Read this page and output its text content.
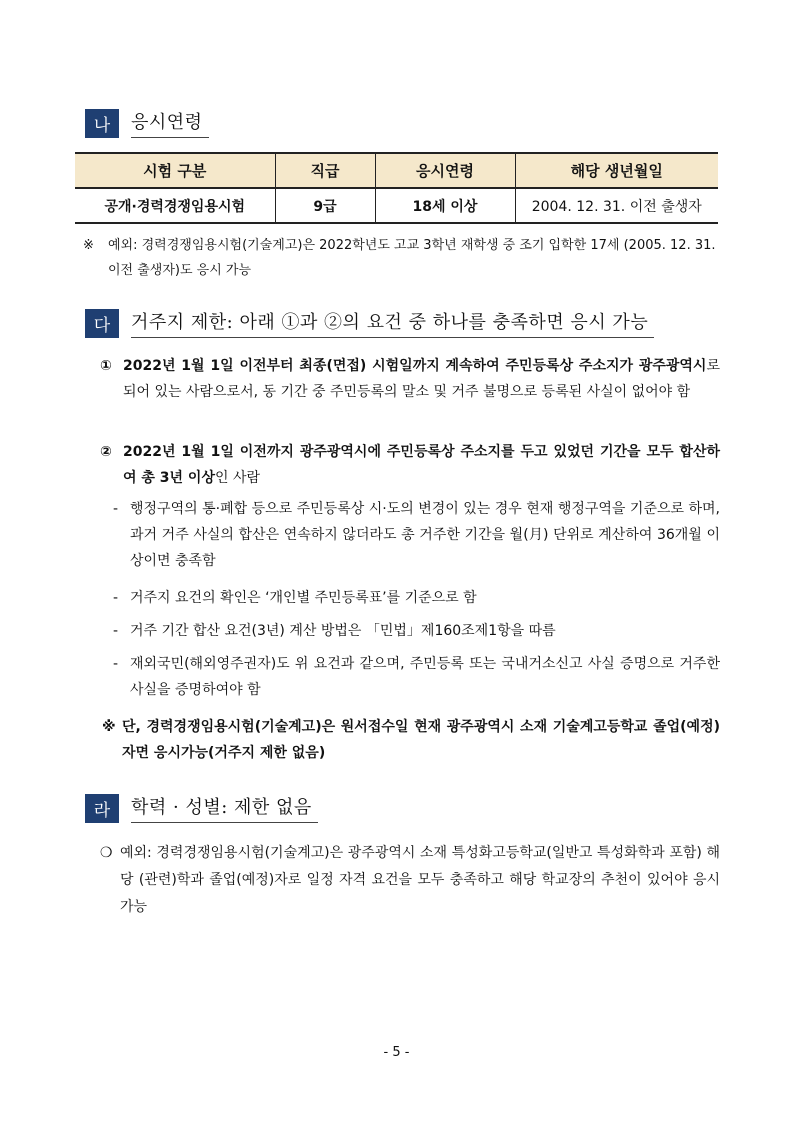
나	응시연령
시험 구분	직급	응시연령	해당 생년월일
공개·경력경쟁임용시험	9급	18세 이상	2004. 12. 31. 이전 출생자
※	예외: 경력경쟁임용시험(기술계고)은 2022학년도 고교 3학년 재학생 중 조기 입학한 17세 (2005. 12. 31. 이전 출생자)도 응시 가능
다	거주지 제한: 아래 ①과 ②의 요건 중 하나를 충족하면 응시 가능
① 2022년 1월 1일 이전부터 최종(면접) 시험일까지 계속하여 주민등록상 주소지가 광주광역시로 되어 있는 사람으로서, 동 기간 중 주민등록의 말소 및 거주 불명으로 등록된 사실이 없어야 함
② 2022년 1월 1일 이전까지 광주광역시에 주민등록상 주소지를 두고 있었던 기간을 모두 합산하여 총 3년 이상인 사람
- 행정구역의 통·폐합 등으로 주민등록상 시·도의 변경이 있는 경우 현재 행정구역을 기준으로 하며, 과거 거주 사실의 합산은 연속하지 않더라도 총 거주한 기간을 월(月) 단위로 계산하여 36개월 이상이면 충족함
- 거주지 요건의 확인은 ‘개인별 주민등록표’를 기준으로 함
- 거주 기간 합산 요건(3년) 계산 방법은 「민법」제160조제1항을 따름
- 재외국민(해외영주권자)도 위 요건과 같으며, 주민등록 또는 국내거소신고 사실 증명으로 거주한 사실을 증명하여야 함
※ 단, 경력경쟁임용시험(기술계고)은 원서접수일 현재 광주광역시 소재 기술계고등학교 졸업(예정)자면 응시가능(거주지 제한 없음)
라	학력 · 성별: 제한 없음
❍ 예외: 경력경쟁임용시험(기술계고)은 광주광역시 소재 특성화고등학교(일반고 특성화학과 포함) 해당 (관련)학과 졸업(예정)자로 일정 자격 요건을 모두 충족하고 해당 학교장의 추천이 있어야 응시 가능
- 5 -
